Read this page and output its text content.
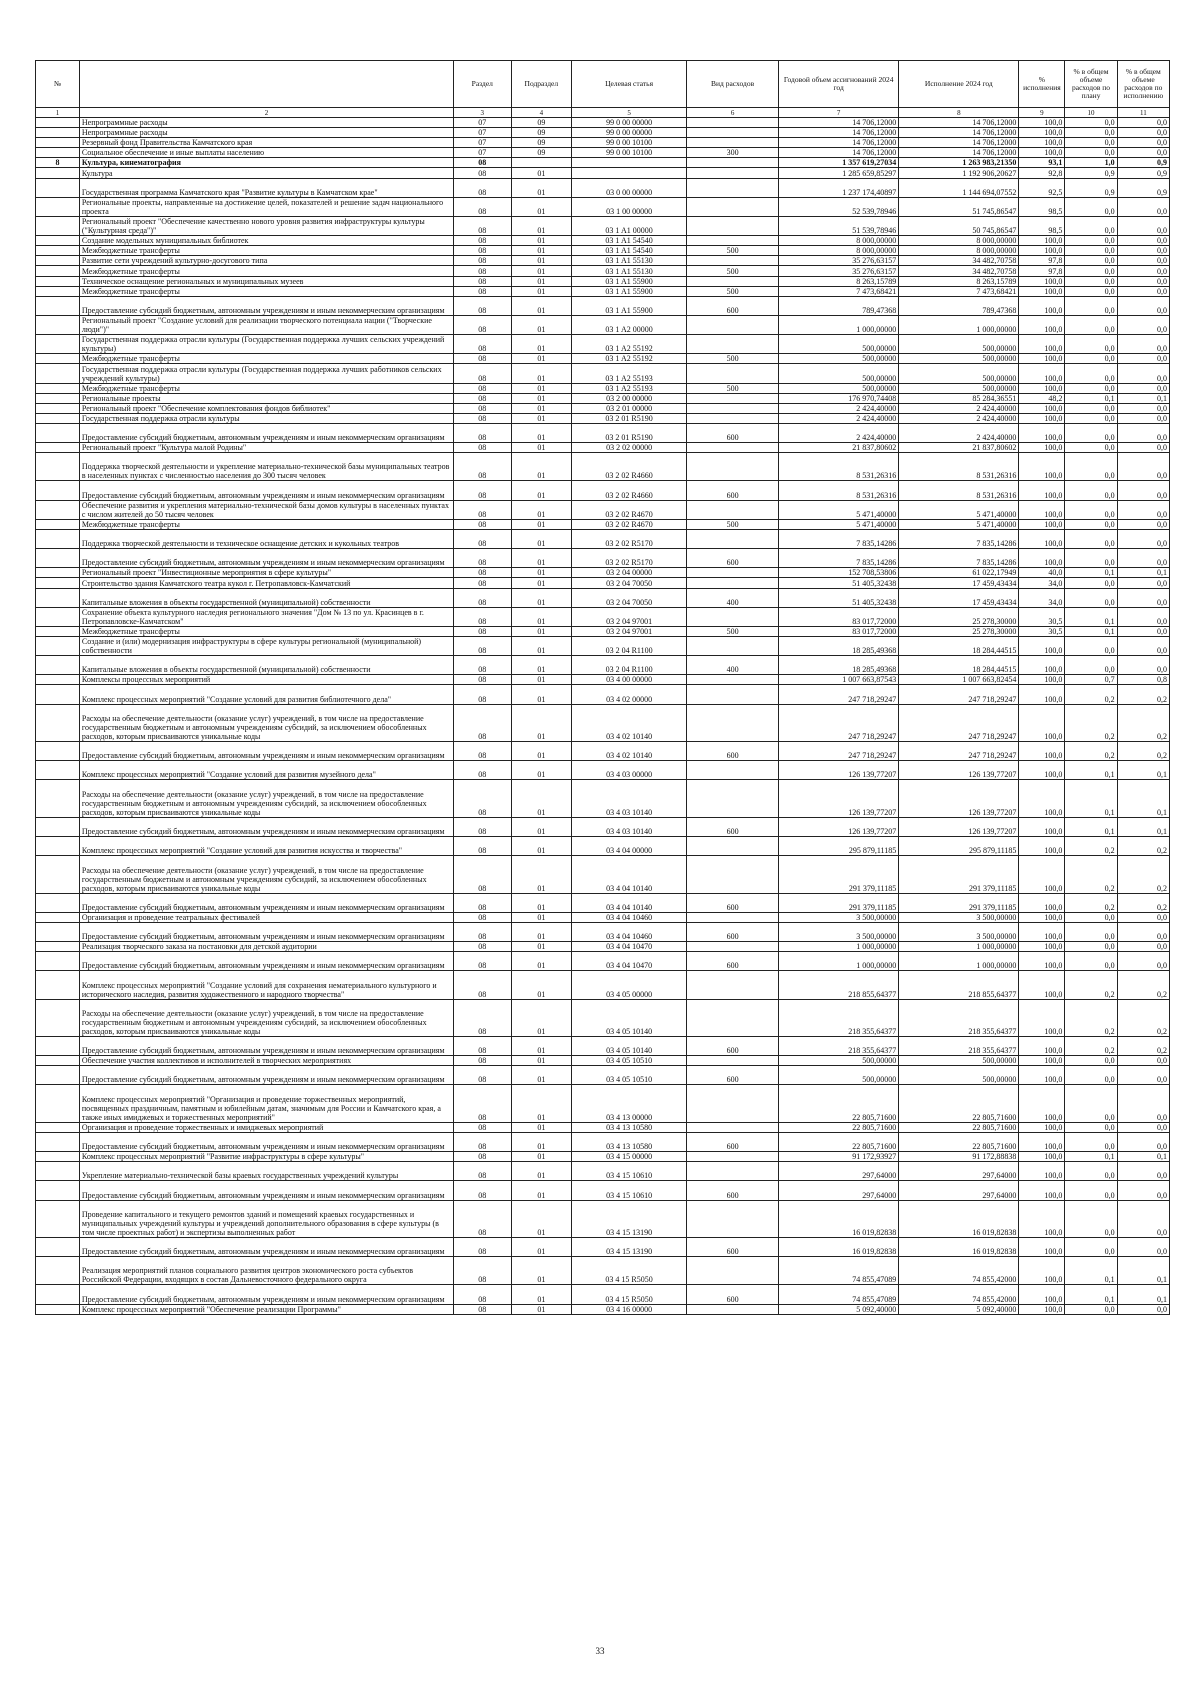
№		Раздел	Подраздел	Целевая статья	Вид расходов	Годовой объем ассигнований 2024 год	Исполнение 2024 год	% исполнения	% в общем объеме расходов по плану	% в общем объеме расходов по исполнению
1	2	3	4	5	6	7	8	9	10	11
	Непрограммные расходы	07	09	99 0 00 00000		14 706,12000	14 706,12000	100,0	0,0	0,0
	Непрограммные расходы	07	09	99 0 00 00000		14 706,12000	14 706,12000	100,0	0,0	0,0
	Резервный фонд Правительства Камчатского края	07	09	99 0 00 10100		14 706,12000	14 706,12000	100,0	0,0	0,0
	Социальное обеспечение и иные выплаты населению	07	09	99 0 00 10100	300	14 706,12000	14 706,12000	100,0	0,0	0,0
8	Культура, кинематография	08				1 357 619,27034	1 263 983,21350	93,1	1,0	0,9
	Культура	08	01			1 285 659,85297	1 192 906,20627	92,8	0,9	0,9
	Государственная программа Камчатского края "Развитие культуры в Камчатском крае"	08	01	03 0 00 00000		1 237 174,40897	1 144 694,07552	92,5	0,9	0,9
	Региональные проекты, направленные на достижение целей, показателей и решение задач национального проекта	08	01	03 1 00 00000		52 539,78946	51 745,86547	98,5	0,0	0,0
	Региональный проект "Обеспечение качественно нового уровня развития инфраструктуры культуры ("Культурная среда")"	08	01	03 1 A1 00000		51 539,78946	50 745,86547	98,5	0,0	0,0
	Создание модельных муниципальных библиотек	08	01	03 1 A1 54540		8 000,00000	8 000,00000	100,0	0,0	0,0
	Межбюджетные трансферты	08	01	03 1 A1 54540	500	8 000,00000	8 000,00000	100,0	0,0	0,0
	Развитие сети учреждений культурно-досугового типа	08	01	03 1 A1 55130		35 276,63157	34 482,70758	97,8	0,0	0,0
	Межбюджетные трансферты	08	01	03 1 A1 55130	500	35 276,63157	34 482,70758	97,8	0,0	0,0
	Техническое оснащение региональных и муниципальных музеев	08	01	03 1 A1 55900		8 263,15789	8 263,15789	100,0	0,0	0,0
	Межбюджетные трансферты	08	01	03 1 A1 55900	500	7 473,68421	7 473,68421	100,0	0,0	0,0
	Предоставление субсидий бюджетным, автономным учреждениям и иным некоммерческим организациям	08	01	03 1 A1 55900	600	789,47368	789,47368	100,0	0,0	0,0
	Региональный проект "Создание условий для реализации творческого потенциала нации ("Творческие люди")"	08	01	03 1 A2 00000		1 000,00000	1 000,00000	100,0	0,0	0,0
	Государственная поддержка отрасли культуры (Государственная поддержка лучших сельских учреждений культуры)	08	01	03 1 A2 55192		500,00000	500,00000	100,0	0,0	0,0
	Межбюджетные трансферты	08	01	03 1 A2 55192	500	500,00000	500,00000	100,0	0,0	0,0
	Государственная поддержка отрасли культуры (Государственная поддержка лучших работников сельских учреждений культуры)	08	01	03 1 A2 55193		500,00000	500,00000	100,0	0,0	0,0
	Межбюджетные трансферты	08	01	03 1 A2 55193	500	500,00000	500,00000	100,0	0,0	0,0
	Региональные проекты	08	01	03 2 00 00000		176 970,74408	85 284,36551	48,2	0,1	0,1
	Региональный проект "Обеспечение комплектования фондов библиотек"	08	01	03 2 01 00000		2 424,40000	2 424,40000	100,0	0,0	0,0
	Государственная поддержка отрасли культуры	08	01	03 2 01 R5190		2 424,40000	2 424,40000	100,0	0,0	0,0
	Предоставление субсидий бюджетным, автономным учреждениям и иным некоммерческим организациям	08	01	03 2 01 R5190	600	2 424,40000	2 424,40000	100,0	0,0	0,0
	Региональный проект "Культура малой Родины"	08	01	03 2 02 00000		21 837,80602	21 837,80602	100,0	0,0	0,0
	Поддержка творческой деятельности и укрепление материально-технической базы муниципальных театров в населенных пунктах с численностью населения до 300 тысяч человек	08	01	03 2 02 R4660		8 531,26316	8 531,26316	100,0	0,0	0,0
	Предоставление субсидий бюджетным, автономным учреждениям и иным некоммерческим организациям	08	01	03 2 02 R4660	600	8 531,26316	8 531,26316	100,0	0,0	0,0
	Обеспечение развития и укрепления материально-технической базы домов культуры в населенных пунктах с числом жителей до 50 тысяч человек	08	01	03 2 02 R4670		5 471,40000	5 471,40000	100,0	0,0	0,0
	Межбюджетные трансферты	08	01	03 2 02 R4670	500	5 471,40000	5 471,40000	100,0	0,0	0,0
	Поддержка творческой деятельности и техническое оснащение детских и кукольных театров	08	01	03 2 02 R5170		7 835,14286	7 835,14286	100,0	0,0	0,0
	Предоставление субсидий бюджетным, автономным учреждениям и иным некоммерческим организациям	08	01	03 2 02 R5170	600	7 835,14286	7 835,14286	100,0	0,0	0,0
	Региональный проект "Инвестиционные мероприятия в сфере культуры"	08	01	03 2 04 00000		152 708,53806	61 022,17949	40,0	0,1	0,1
	Строительство здания Камчатского театра кукол г. Петропавловск-Камчатский	08	01	03 2 04 70050		51 405,32438	17 459,43434	34,0	0,0	0,0
	Капитальные вложения в объекты государственной (муниципальной) собственности	08	01	03 2 04 70050	400	51 405,32438	17 459,43434	34,0	0,0	0,0
	Сохранение объекта культурного наследия регионального значения "Дом № 13 по ул. Красинцев в г. Петропавловске-Камчатском"	08	01	03 2 04 97001		83 017,72000	25 278,30000	30,5	0,1	0,0
	Межбюджетные трансферты	08	01	03 2 04 97001	500	83 017,72000	25 278,30000	30,5	0,1	0,0
	Создание и (или) модернизация инфраструктуры в сфере культуры региональной (муниципальной) собственности	08	01	03 2 04 R1100		18 285,49368	18 284,44515	100,0	0,0	0,0
	Капитальные вложения в объекты государственной (муниципальной) собственности	08	01	03 2 04 R1100	400	18 285,49368	18 284,44515	100,0	0,0	0,0
	Комплексы процессных мероприятий	08	01	03 4 00 00000		1 007 663,87543	1 007 663,82454	100,0	0,7	0,8
	Комплекс процессных мероприятий "Создание условий для развития библиотечного дела"	08	01	03 4 02 00000		247 718,29247	247 718,29247	100,0	0,2	0,2
	Расходы на обеспечение деятельности (оказание услуг) учреждений, в том числе на предоставление государственным бюджетным и автономным учреждениям субсидий, за исключением обособленных расходов, которым присваиваются уникальные коды	08	01	03 4 02 10140		247 718,29247	247 718,29247	100,0	0,2	0,2
	Предоставление субсидий бюджетным, автономным учреждениям и иным некоммерческим организациям	08	01	03 4 02 10140	600	247 718,29247	247 718,29247	100,0	0,2	0,2
	Комплекс процессных мероприятий "Создание условий для развития музейного дела"	08	01	03 4 03 00000		126 139,77207	126 139,77207	100,0	0,1	0,1
	Расходы на обеспечение деятельности (оказание услуг) учреждений, в том числе на предоставление государственным бюджетным и автономным учреждениям субсидий, за исключением обособленных расходов, которым присваиваются уникальные коды	08	01	03 4 03 10140		126 139,77207	126 139,77207	100,0	0,1	0,1
	Предоставление субсидий бюджетным, автономным учреждениям и иным некоммерческим организациям	08	01	03 4 03 10140	600	126 139,77207	126 139,77207	100,0	0,1	0,1
	Комплекс процессных мероприятий "Создание условий для развития искусства и творчества"	08	01	03 4 04 00000		295 879,11185	295 879,11185	100,0	0,2	0,2
	Расходы на обеспечение деятельности (оказание услуг) учреждений, в том числе на предоставление государственным бюджетным и автономным учреждениям субсидий, за исключением обособленных расходов, которым присваиваются уникальные коды	08	01	03 4 04 10140		291 379,11185	291 379,11185	100,0	0,2	0,2
	Предоставление субсидий бюджетным, автономным учреждениям и иным некоммерческим организациям	08	01	03 4 04 10140	600	291 379,11185	291 379,11185	100,0	0,2	0,2
	Организация и проведение театральных фестивалей	08	01	03 4 04 10460		3 500,00000	3 500,00000	100,0	0,0	0,0
	Предоставление субсидий бюджетным, автономным учреждениям и иным некоммерческим организациям	08	01	03 4 04 10460	600	3 500,00000	3 500,00000	100,0	0,0	0,0
	Реализация творческого заказа на постановки для детской аудитории	08	01	03 4 04 10470		1 000,00000	1 000,00000	100,0	0,0	0,0
	Предоставление субсидий бюджетным, автономным учреждениям и иным некоммерческим организациям	08	01	03 4 04 10470	600	1 000,00000	1 000,00000	100,0	0,0	0,0
	Комплекс процессных мероприятий "Создание условий для сохранения нематериального культурного и исторического наследия, развития художественного и народного творчества"	08	01	03 4 05 00000		218 855,64377	218 855,64377	100,0	0,2	0,2
	Расходы на обеспечение деятельности (оказание услуг) учреждений, в том числе на предоставление государственным бюджетным и автономным учреждениям субсидий, за исключением обособленных расходов, которым присваиваются уникальные коды	08	01	03 4 05 10140		218 355,64377	218 355,64377	100,0	0,2	0,2
	Предоставление субсидий бюджетным, автономным учреждениям и иным некоммерческим организациям	08	01	03 4 05 10140	600	218 355,64377	218 355,64377	100,0	0,2	0,2
	Обеспечение участия коллективов и исполнителей в творческих мероприятиях	08	01	03 4 05 10510		500,00000	500,00000	100,0	0,0	0,0
	Предоставление субсидий бюджетным, автономным учреждениям и иным некоммерческим организациям	08	01	03 4 05 10510	600	500,00000	500,00000	100,0	0,0	0,0
	Комплекс процессных мероприятий "Организация и проведение торжественных мероприятий, посвященных праздничным, памятным и юбилейным датам, значимым для России и Камчатского края, а также иных имиджевых и торжественных мероприятий"	08	01	03 4 13 00000		22 805,71600	22 805,71600	100,0	0,0	0,0
	Организация и проведение торжественных и имиджевых мероприятий	08	01	03 4 13 10580		22 805,71600	22 805,71600	100,0	0,0	0,0
	Предоставление субсидий бюджетным, автономным учреждениям и иным некоммерческим организациям	08	01	03 4 13 10580	600	22 805,71600	22 805,71600	100,0	0,0	0,0
	Комплекс процессных мероприятий "Развитие инфраструктуры в сфере культуры"	08	01	03 4 15 00000		91 172,93927	91 172,88838	100,0	0,1	0,1
	Укрепление материально-технической базы краевых государственных учреждений культуры	08	01	03 4 15 10610		297,64000	297,64000	100,0	0,0	0,0
	Предоставление субсидий бюджетным, автономным учреждениям и иным некоммерческим организациям	08	01	03 4 15 10610	600	297,64000	297,64000	100,0	0,0	0,0
	Проведение капитального и текущего ремонтов зданий и помещений краевых государственных и муниципальных учреждений культуры и учреждений дополнительного образования в сфере культуры (в том числе проектных работ) и экспертизы выполненных работ	08	01	03 4 15 13190		16 019,82838	16 019,82838	100,0	0,0	0,0
	Предоставление субсидий бюджетным, автономным учреждениям и иным некоммерческим организациям	08	01	03 4 15 13190	600	16 019,82838	16 019,82838	100,0	0,0	0,0
	Реализация мероприятий планов социального развития центров экономического роста субъектов Российской Федерации, входящих в состав Дальневосточного федерального округа	08	01	03 4 15 R5050		74 855,47089	74 855,42000	100,0	0,1	0,1
	Предоставление субсидий бюджетным, автономным учреждениям и иным некоммерческим организациям	08	01	03 4 15 R5050	600	74 855,47089	74 855,42000	100,0	0,1	0,1
	Комплекс процессных мероприятий "Обеспечение реализации Программы"	08	01	03 4 16 00000		5 092,40000	5 092,40000	100,0	0,0	0,0
33
